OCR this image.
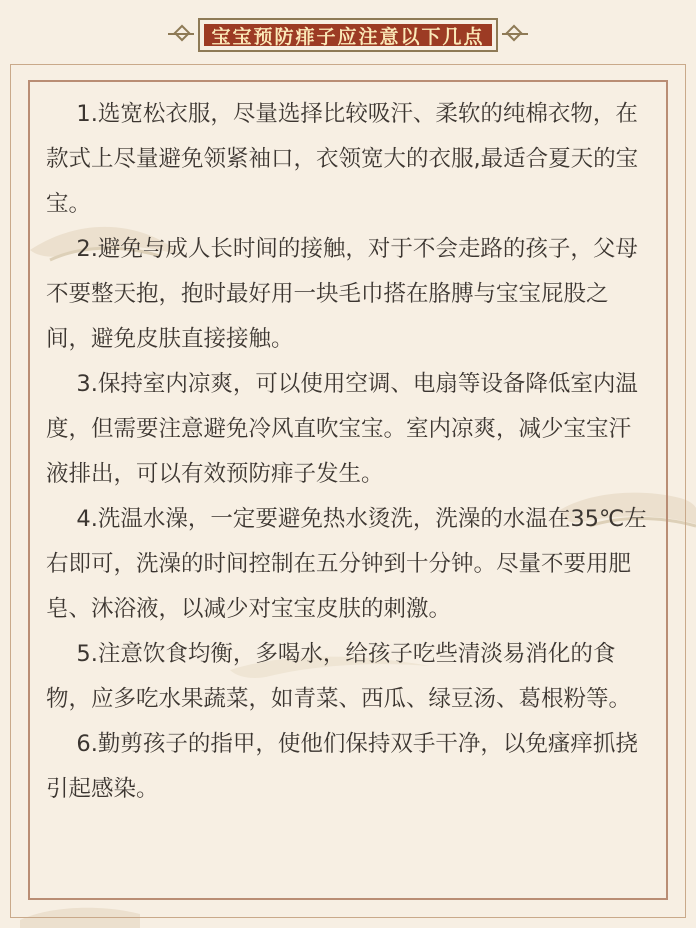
宝宝预防痱子应注意以下几点

1.选宽松衣服，尽量选择比较吸汗、柔软的纯棉衣物，在款式上尽量避免领紧袖口，衣领宽大的衣服,最适合夏天的宝宝。

2.避免与成人长时间的接触，对于不会走路的孩子，父母不要整天抱，抱时最好用一块毛巾搭在胳膊与宝宝屁股之间，避免皮肤直接接触。

3.保持室内凉爽，可以使用空调、电扇等设备降低室内温度，但需要注意避免冷风直吹宝宝。室内凉爽，减少宝宝汗液排出，可以有效预防痱子发生。

4.洗温水澡，一定要避免热水烫洗，洗澡的水温在35℃左右即可，洗澡的时间控制在五分钟到十分钟。尽量不要用肥皂、沐浴液，以减少对宝宝皮肤的刺激。

5.注意饮食均衡，多喝水，给孩子吃些清淡易消化的食物，应多吃水果蔬菜，如青菜、西瓜、绿豆汤、葛根粉等。

6.勤剪孩子的指甲，使他们保持双手干净，以免瘙痒抓挠引起感染。
